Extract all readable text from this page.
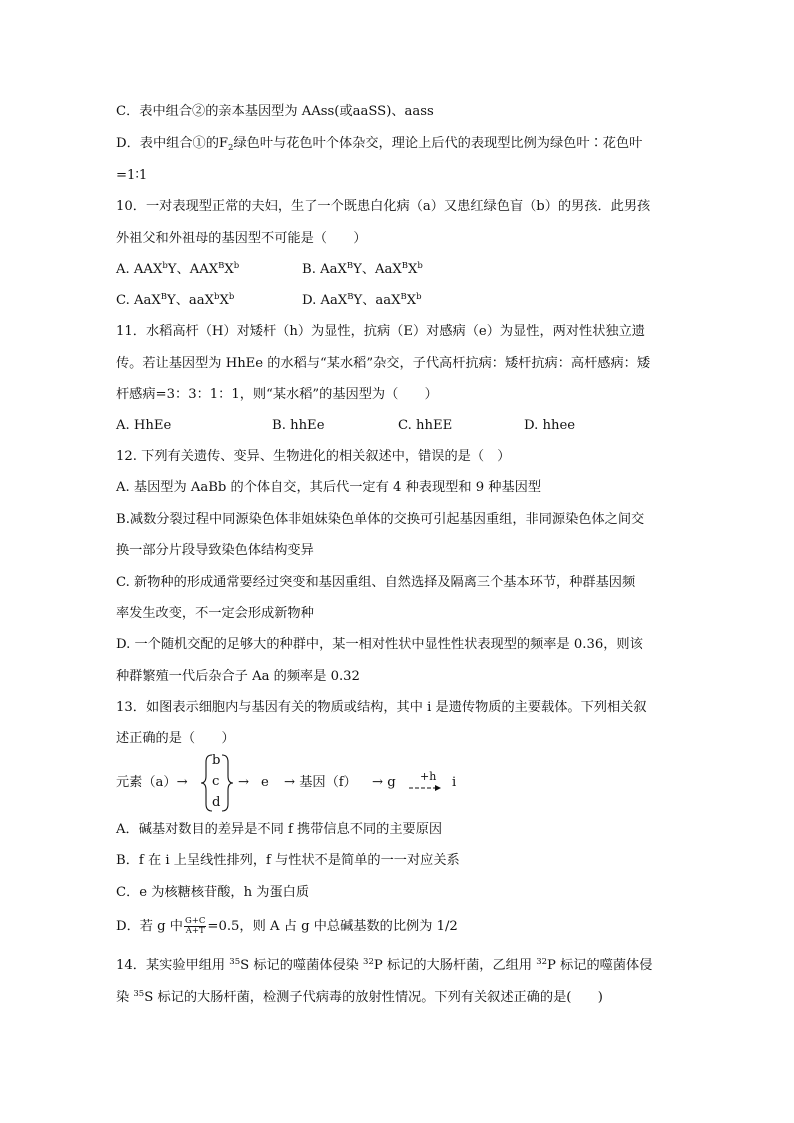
C．表中组合②的亲本基因型为 AAss(或aaSS)、aass
D．表中组合①的$F_2$绿色叶与花色叶个体杂交，理论上后代的表现型比例为绿色叶∶花色叶
=1∶1
10．一对表现型正常的夫妇，生了一个既患白化病（a）又患红绿色盲（b）的男孩．此男孩
外祖父和外祖母的基因型不可能是（　　）
A. AAX$^b$Y、$AAX^BX^b$	B. AaX$^B$Y、$AaX^BX^b$
C. AaX$^B$Y、$aaX^bX^b$	D. AaX$^B$Y、$aaX^BX^b$
11．水稻高杆（H）对矮杆（h）为显性，抗病（E）对感病（e）为显性，两对性状独立遗
传。若让基因型为 HhEe 的水稻与“某水稻”杂交，子代高杆抗病：矮杆抗病：高杆感病：矮
杆感病=3：3：1：1，则“某水稻”的基因型为（　　）
A. HhEe	B. hhEe	C. hhEE	D. hhee
12. 下列有关遗传、变异、生物进化的相关叙述中，错误的是（　）
A. 基因型为 AaBb 的个体自交，其后代一定有 4 种表现型和 9 种基因型
B.减数分裂过程中同源染色体非姐妹染色单体的交换可引起基因重组，非同源染色体之间交
换一部分片段导致染色体结构变异
C. 新物种的形成通常要经过突变和基因重组、自然选择及隔离三个基本环节，种群基因频
率发生改变，不一定会形成新物种
D. 一个随机交配的足够大的种群中，某一相对性状中显性性状表现型的频率是 0.36，则该
种群繁殖一代后杂合子 Aa 的频率是 0.32
13．如图表示细胞内与基因有关的物质或结构，其中 i 是遗传物质的主要载体。下列相关叙
述正确的是（　　）
元素（a）→
b
c
d
→ e → 基因（f） → g +h i
A．碱基对数目的差异是不同 f 携带信息不同的主要原因
B．f 在 i 上呈线性排列，f 与性状不是简单的一一对应关系
C．e 为核糖核苷酸，h 为蛋白质
D．若 g 中 $\frac{G+C}{A+T} =0.5$，则 A 占 g 中总碱基数的比例为 1/2
14．某实验甲组用 $^{35}$S 标记的噬菌体侵染 $^{32}$P 标记的大肠杆菌，乙组用 $^{32}$P 标记的噬菌体侵
染 $^{35}$S 标记的大肠杆菌，检测子代病毒的放射性情况。下列有关叙述正确的是(　　)
